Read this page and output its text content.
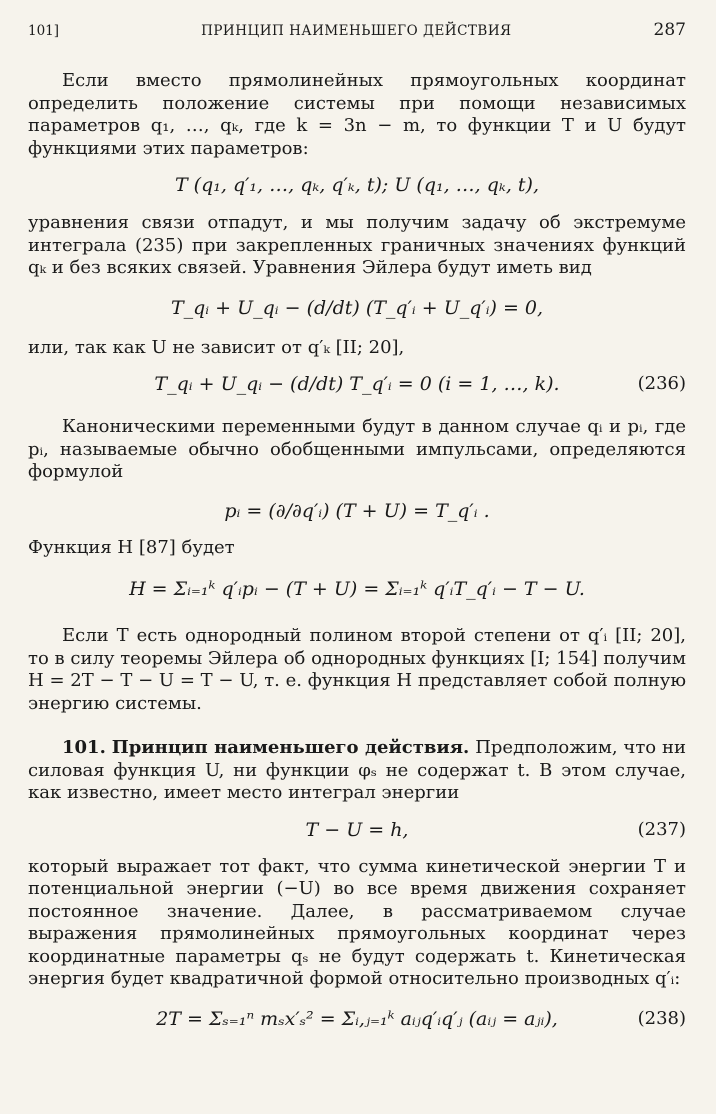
101]	ПРИНЦИП НАИМЕНЬШЕГО ДЕЙСТВИЯ	287

Если вместо прямолинейных прямоугольных координат определить положение системы при помощи независимых параметров q₁, …, qₖ, где k = 3n − m, то функции T и U будут функциями этих параметров:

T (q₁, q′₁, …, qₖ, q′ₖ, t); U (q₁, …, qₖ, t),

уравнения связи отпадут, и мы получим задачу об экстремуме интеграла (235) при закрепленных граничных значениях функций qₖ и без всяких связей. Уравнения Эйлера будут иметь вид

T_qᵢ + U_qᵢ − (d/dt) (T_q′ᵢ + U_q′ᵢ) = 0,

или, так как U не зависит от q′ₖ [II; 20],

T_qᵢ + U_qᵢ − (d/dt) T_q′ᵢ = 0 (i = 1, …, k).	(236)

Каноническими переменными будут в данном случае qᵢ и pᵢ, где pᵢ, называемые обычно обобщенными импульсами, определяются формулой

pᵢ = (∂/∂q′ᵢ) (T + U) = T_q′ᵢ .

Функция H [87] будет

H = Σᵢ₌₁ᵏ q′ᵢpᵢ − (T + U) = Σᵢ₌₁ᵏ q′ᵢT_q′ᵢ − T − U.

Если T есть однородный полином второй степени от q′ᵢ [II; 20], то в силу теоремы Эйлера об однородных функциях [I; 154] получим H = 2T − T − U = T − U, т. е. функция H представляет собой полную энергию системы.

101. Принцип наименьшего действия. Предположим, что ни силовая функция U, ни функции φₛ не содержат t. В этом случае, как известно, имеет место интеграл энергии

T − U = h,	(237)

который выражает тот факт, что сумма кинетической энергии T и потенциальной энергии (−U) во все время движения сохраняет постоянное значение. Далее, в рассматриваемом случае выражения прямолинейных прямоугольных координат через координатные параметры qₛ не будут содержать t. Кинетическая энергия будет квадратичной формой относительно производных q′ᵢ:

2T = Σₛ₌₁ⁿ mₛx′ₛ² = Σᵢ,ⱼ₌₁ᵏ aᵢⱼq′ᵢq′ⱼ (aᵢⱼ = aⱼᵢ),	(238)
